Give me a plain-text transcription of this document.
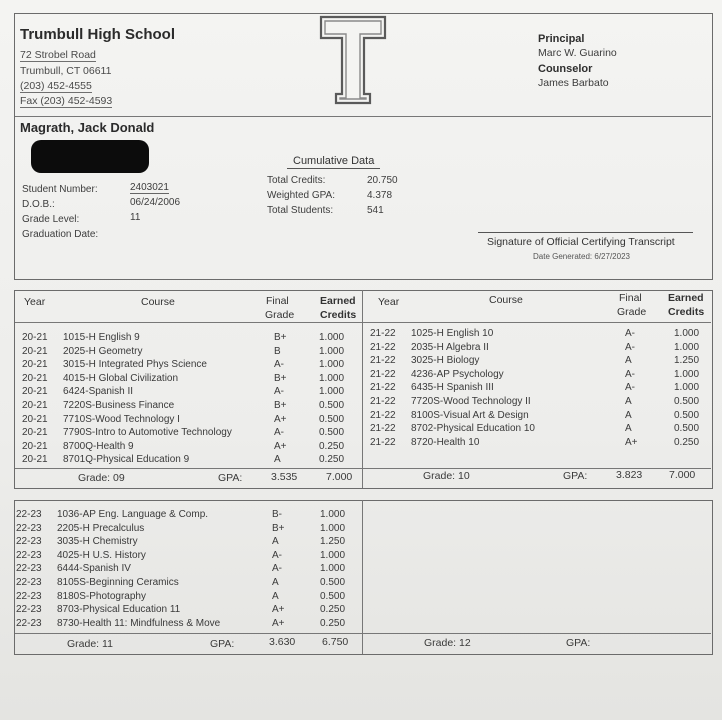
Trumbull High School
72 Strobel Road
Trumbull, CT 06611
(203) 452-4555
Fax (203) 452-4593
Principal
Marc W. Guarino
Counselor
James Barbato
Magrath, Jack Donald
Student Number:	2403021
D.O.B.:	06/24/2006
Grade Level:	11
Graduation Date:
Cumulative Data
Total Credits:	20.750
Weighted GPA:	4.378
Total Students:	541
Signature of Official Certifying Transcript
Date Generated: 6/27/2023
Year	Course	Final
Grade
Earned
Credits
Year	Course	Final
Grade
Earned
Credits
20-21 1015-H English 9	B+	1.000
20-21 2025-H Geometry	B	1.000
20-21 3015-H Integrated Phys Science	A-	1.000
20-21 4015-H Global Civilization	B+	1.000
20-21 6424-Spanish II	A-	1.000
20-21 7220S-Business Finance	B+	0.500
20-21 7710S-Wood Technology I	A+	0.500
20-21 7790S-Intro to Automotive Technology	A-	0.500
20-21 8700Q-Health 9	A+	0.250
20-21 8701Q-Physical Education 9	A	0.250
21-22 1025-H English 10	A-	1.000
21-22 2035-H Algebra II	A-	1.000
21-22 3025-H Biology	A	1.250
21-22 4236-AP Psychology	A-	1.000
21-22 6435-H Spanish III	A-	1.000
21-22 7720S-Wood Technology II	A	0.500
21-22 8100S-Visual Art & Design	A	0.500
21-22 8702-Physical Education 10	A	0.500
21-22 8720-Health 10	A+	0.250
Grade: 09	GPA:	3.535	7.000	Grade: 10	GPA:	3.823	7.000
22-23 1036-AP Eng. Language & Comp.	B-	1.000
22-23 2205-H Precalculus	B+	1.000
22-23 3035-H Chemistry	A	1.250
22-23 4025-H U.S. History	A-	1.000
22-23 6444-Spanish IV	A-	1.000
22-23 8105S-Beginning Ceramics	A	0.500
22-23 8180S-Photography	A	0.500
22-23 8703-Physical Education 11	A+	0.250
22-23 8730-Health 11: Mindfulness & Move	A+	0.250
Grade: 11	GPA:	3.630	6.750	Grade: 12	GPA:
